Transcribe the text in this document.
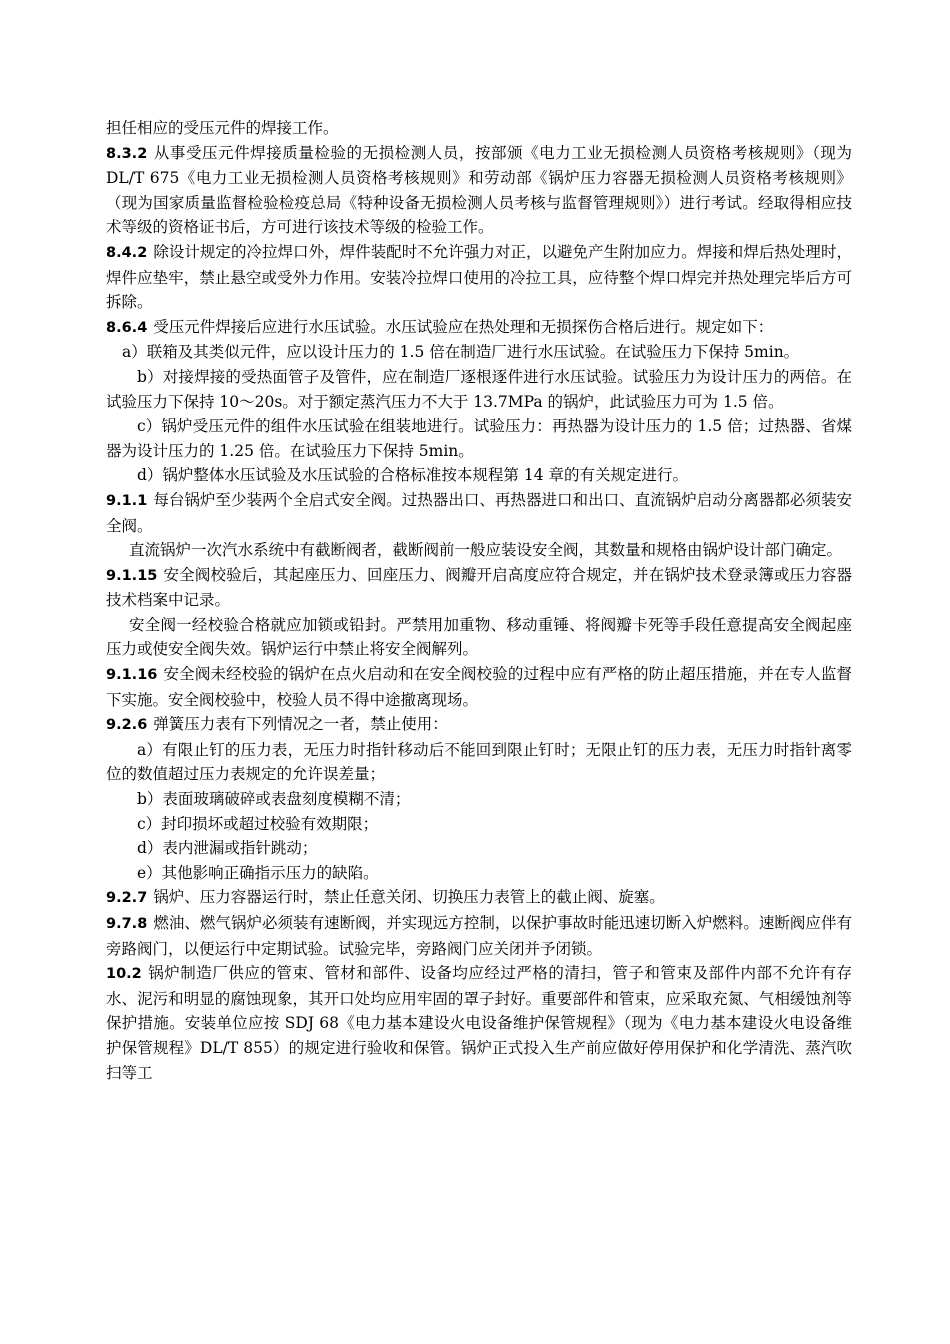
担任相应的受压元件的焊接工作。

8.3.2 从事受压元件焊接质量检验的无损检测人员，按部颁《电力工业无损检测人员资格考核规则》（现为 DL/T 675《电力工业无损检测人员资格考核规则》和劳动部《锅炉压力容器无损检测人员资格考核规则》（现为国家质量监督检验检疫总局《特种设备无损检测人员考核与监督管理规则》）进行考试。经取得相应技术等级的资格证书后，方可进行该技术等级的检验工作。

8.4.2 除设计规定的冷拉焊口外，焊件装配时不允许强力对正，以避免产生附加应力。焊接和焊后热处理时，焊件应垫牢，禁止悬空或受外力作用。安装冷拉焊口使用的冷拉工具，应待整个焊口焊完并热处理完毕后方可拆除。

8.6.4 受压元件焊接后应进行水压试验。水压试验应在热处理和无损探伤合格后进行。规定如下：

a）联箱及其类似元件，应以设计压力的 1.5 倍在制造厂进行水压试验。在试验压力下保持 5min。

b）对接焊接的受热面管子及管件，应在制造厂逐根逐件进行水压试验。试验压力为设计压力的两倍。在试验压力下保持 10～20s。对于额定蒸汽压力不大于 13.7MPa 的锅炉，此试验压力可为 1.5 倍。

c）锅炉受压元件的组件水压试验在组装地进行。试验压力：再热器为设计压力的 1.5 倍；过热器、省煤器为设计压力的 1.25 倍。在试验压力下保持 5min。

d）锅炉整体水压试验及水压试验的合格标准按本规程第 14 章的有关规定进行。

9.1.1 每台锅炉至少装两个全启式安全阀。过热器出口、再热器进口和出口、直流锅炉启动分离器都必须装安全阀。

直流锅炉一次汽水系统中有截断阀者，截断阀前一般应装设安全阀，其数量和规格由锅炉设计部门确定。

9.1.15 安全阀校验后，其起座压力、回座压力、阀瓣开启高度应符合规定，并在锅炉技术登录簿或压力容器技术档案中记录。

安全阀一经校验合格就应加锁或铅封。严禁用加重物、移动重锤、将阀瓣卡死等手段任意提高安全阀起座压力或使安全阀失效。锅炉运行中禁止将安全阀解列。

9.1.16 安全阀未经校验的锅炉在点火启动和在安全阀校验的过程中应有严格的防止超压措施，并在专人监督下实施。安全阀校验中，校验人员不得中途撤离现场。

9.2.6 弹簧压力表有下列情况之一者，禁止使用：

a）有限止钉的压力表，无压力时指针移动后不能回到限止钉时；无限止钉的压力表，无压力时指针离零位的数值超过压力表规定的允许误差量；

b）表面玻璃破碎或表盘刻度模糊不清；

c）封印损坏或超过校验有效期限；

d）表内泄漏或指针跳动；

e）其他影响正确指示压力的缺陷。

9.2.7 锅炉、压力容器运行时，禁止任意关闭、切换压力表管上的截止阀、旋塞。

9.7.8 燃油、燃气锅炉必须装有速断阀，并实现远方控制，以保护事故时能迅速切断入炉燃料。速断阀应伴有旁路阀门，以便运行中定期试验。试验完毕，旁路阀门应关闭并予闭锁。

10.2 锅炉制造厂供应的管束、管材和部件、设备均应经过严格的清扫，管子和管束及部件内部不允许有存水、泥污和明显的腐蚀现象，其开口处均应用牢固的罩子封好。重要部件和管束，应采取充氮、气相缓蚀剂等保护措施。安装单位应按 SDJ 68《电力基本建设火电设备维护保管规程》（现为《电力基本建设火电设备维护保管规程》DL/T 855）的规定进行验收和保管。锅炉正式投入生产前应做好停用保护和化学清洗、蒸汽吹扫等工
